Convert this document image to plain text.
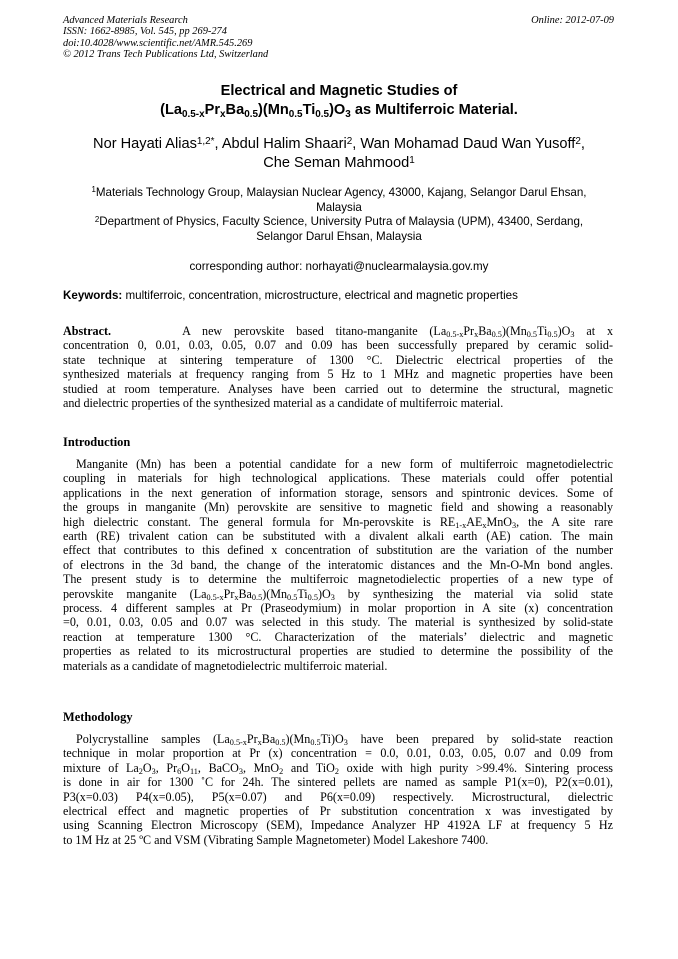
Advanced Materials Research
ISSN: 1662-8985, Vol. 545, pp 269-274
doi:10.4028/www.scientific.net/AMR.545.269
© 2012 Trans Tech Publications Ltd, Switzerland
Online: 2012-07-09
Electrical and Magnetic Studies of
$(La_{0.5-x}Pr_xBa_{0.5})(Mn_{0.5}Ti_{0.5})O_3$ as Multiferroic Material.
Nor Hayati Alias$^{1,2*}$, Abdul Halim Shaari$^2$, Wan Mohamad Daud Wan Yusoff$^2$,
Che Seman Mahmood$^1$
$^1$Materials Technology Group, Malaysian Nuclear Agency, 43000, Kajang, Selangor Darul Ehsan,
Malaysia
$^2$Department of Physics, Faculty Science, University Putra of Malaysia (UPM), 43400, Serdang,
Selangor Darul Ehsan, Malaysia
corresponding author: norhayati@nuclearmalaysia.gov.my
Keywords: multiferroic, concentration, microstructure, electrical and magnetic properties
Abstract.	A new perovskite based titano-manganite $(La_{0.5-x}Pr_xBa_{0.5})(Mn_{0.5}Ti_{0.5})O_3$ at x
concentration 0, 0.01, 0.03, 0.05, 0.07 and 0.09 has been successfully prepared by ceramic solid-
state technique at sintering temperature of 1300 °C. Dielectric electrical properties of the
synthesized materials at frequency ranging from 5 Hz to 1 MHz and magnetic properties have been
studied at room temperature. Analyses have been carried out to determine the structural, magnetic
and dielectric properties of the synthesized material as a candidate of multiferroic material.
Introduction
Manganite (Mn) has been a potential candidate for a new form of multiferroic magnetodielectric
coupling in materials for high technological applications. These materials could offer potential
applications in the next generation of information storage, sensors and spintronic devices. Some of
the groups in manganite (Mn) perovskite are sensitive to magnetic field and showing a reasonably
high dielectric constant. The general formula for Mn-perovskite is $RE_{1-x}AE_xMnO_3$, the A site rare
earth (RE) trivalent cation can be substituted with a divalent alkali earth (AE) cation. The main
effect that contributes to this defined x concentration of substitution are the variation of the number
of electrons in the 3d band, the change of the interatomic distances and the Mn-O-Mn bond angles.
The present study is to determine the multiferroic magnetodielectic properties of a new type of
perovskite manganite $(La_{0.5-x}Pr_xBa_{0.5})(Mn_{0.5}Ti_{0.5})O_3$ by synthesizing the material via solid state
process. 4 different samples at Pr (Praseodymium) in molar proportion in A site (x) concentration
=0, 0.01, 0.03, 0.05 and 0.07 was selected in this study. The material is synthesized by solid-state
reaction at temperature 1300 °C. Characterization of the materials’ dielectric and magnetic
properties as related to its microstructural properties are studied to determine the possibility of the
materials as a candidate of magnetodielectric multiferroic material.
Methodology
Polycrystalline samples $(La_{0.5-x}Pr_xBa_{0.5})(Mn_{0.5}Ti)O_3$ have been prepared by solid-state reaction
technique in molar proportion at Pr (x) concentration = 0.0, 0.01, 0.03, 0.05, 0.07 and 0.09 from
mixture of $La_2O_3$, $Pr_6O_{11}$, BaCO$_3$, MnO$_2$ and TiO$_2$ oxide with high purity >99.4%. Sintering process
is done in air for 1300 ˚C for 24h. The sintered pellets are named as sample P1(x=0), P2(x=0.01),
P3(x=0.03) P4(x=0.05), P5(x=0.07) and P6(x=0.09) respectively. Microstructural, dielectric
electrical effect and magnetic properties of Pr substitution concentration x was investigated by
using Scanning Electron Microscopy (SEM), Impedance Analyzer HP 4192A LF at frequency 5 Hz
to 1M Hz at 25 ºC and VSM (Vibrating Sample Magnetometer) Model Lakeshore 7400.
